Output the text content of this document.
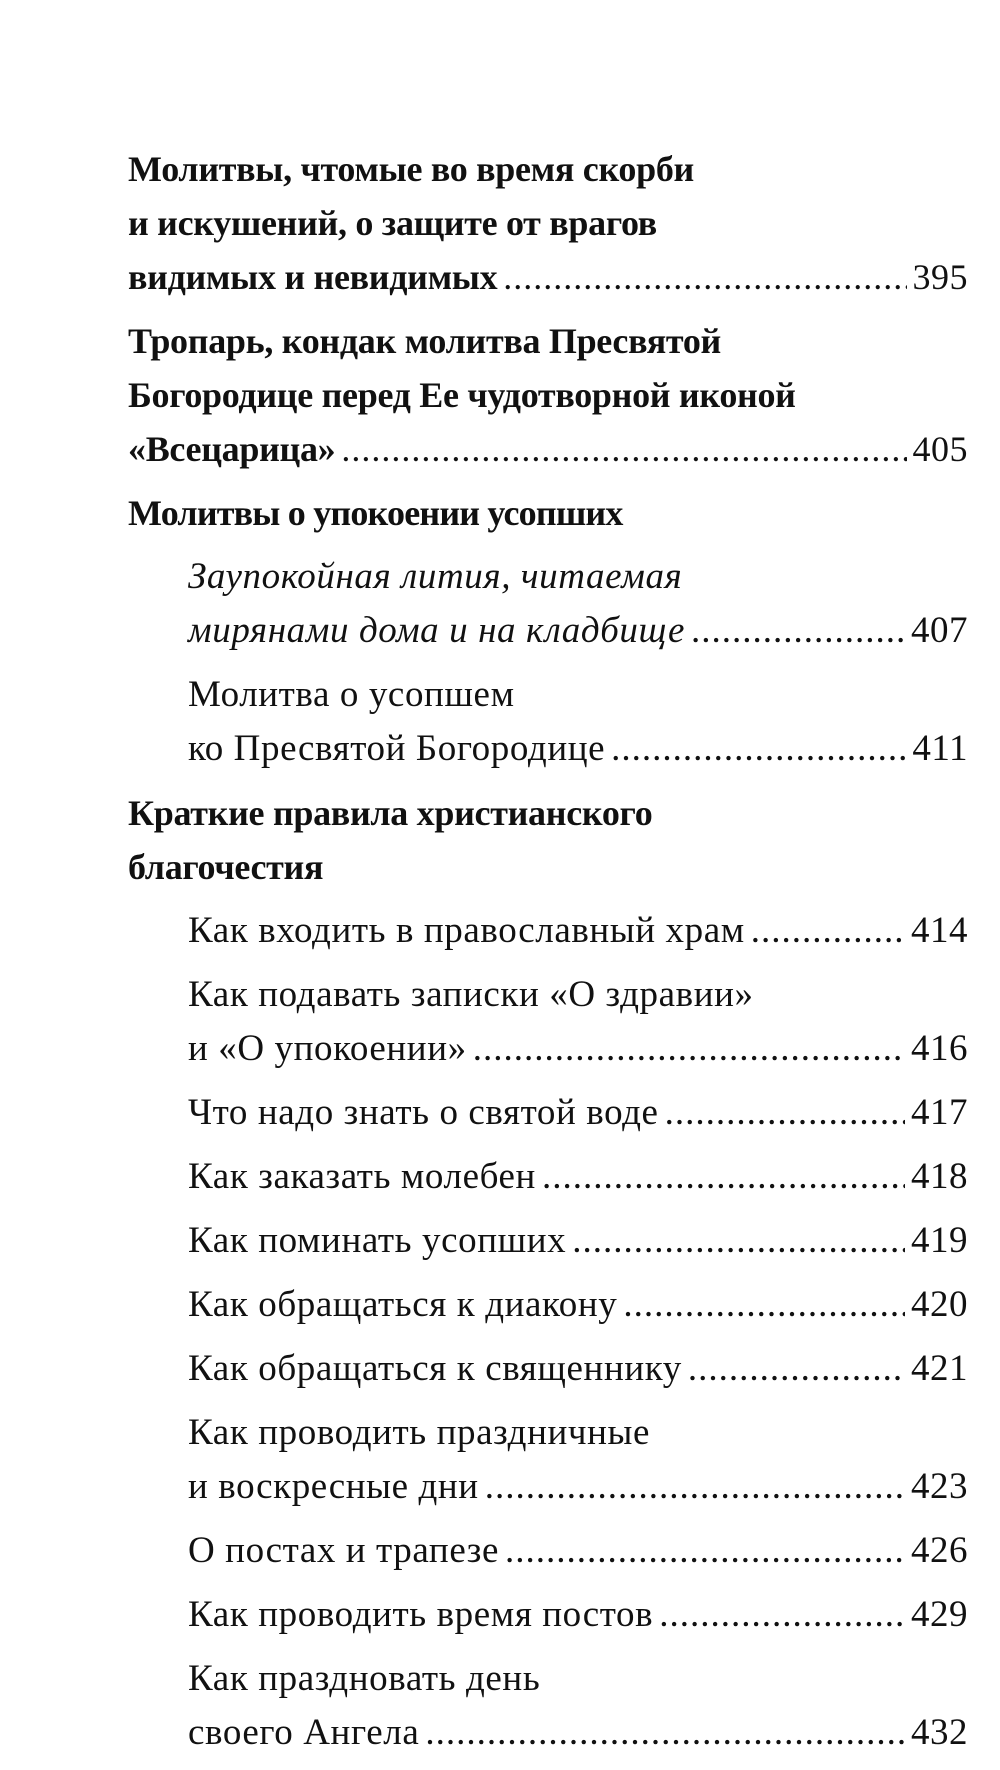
Молитвы, чтомые во время скорби
и искушений, о защите от врагов
видимых и невидимых .....	395
Тропарь, кондак молитва Пресвятой
Богородице перед Ее чудотворной иконой
«Всецарица» .....	405
Молитвы о упокоении усопших
Заупокойная лития, читаемая
мирянами дома и на кладбище .....	407
Молитва о усопшем
ко Пресвятой Богородице .....	411
Краткие правила христианского
благочестия
Как входить в православный храм .....	414
Как подавать записки «О здравии»
и «О упокоении» .....	416
Что надо знать о святой воде .....	417
Как заказать молебен .....	418
Как поминать усопших .....	419
Как обращаться к диакону .....	420
Как обращаться к священнику .....	421
Как проводить праздничные
и воскресные дни .....	423
О постах и трапезе .....	426
Как проводить время постов .....	429
Как праздновать день
своего Ангела .....	432
